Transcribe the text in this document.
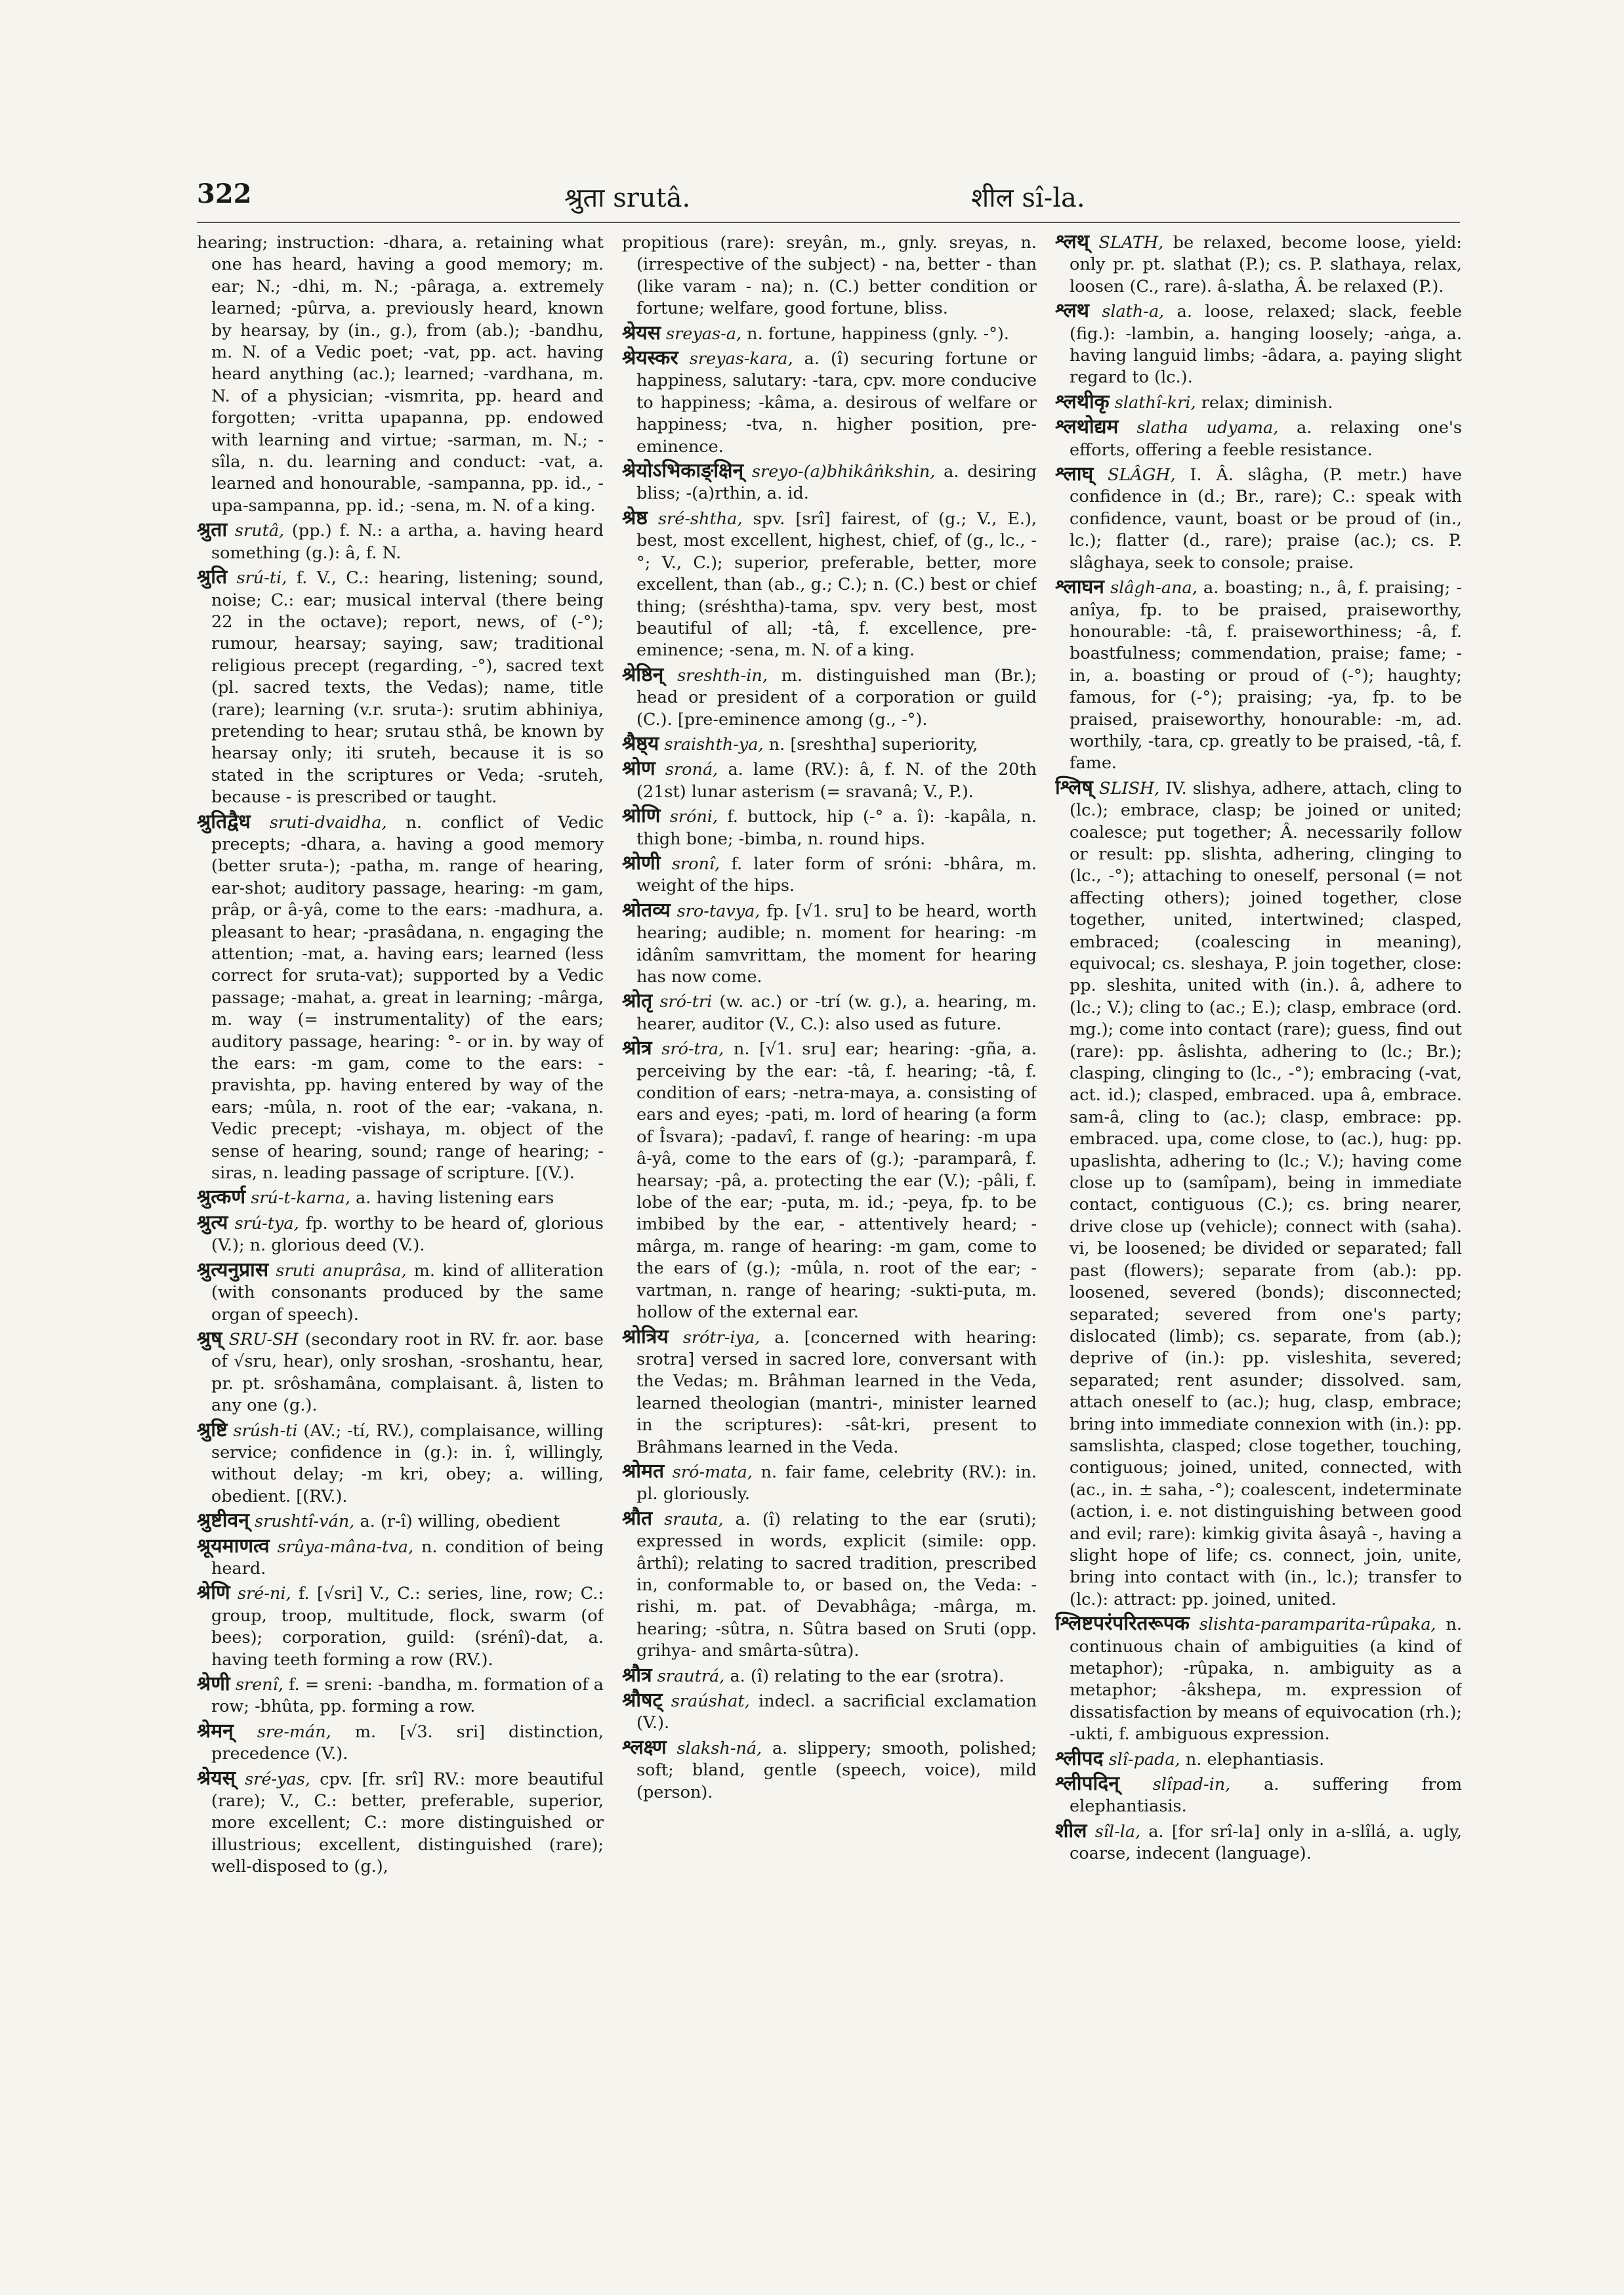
322	श्रुता srutâ.	शील sî-la.

hearing; instruction: -dhara, a. retaining what one has heard, having a good memory; m. ear; N.; -dhi, m. N.; -pâraga, a. extremely learned; -pûrva, a. previously heard, known by hearsay, by (in., g.), from (ab.); -bandhu, m. N. of a Vedic poet; -vat, pp. act. having heard anything (ac.); learned; -vardhana, m. N. of a physician; -vismrita, pp. heard and forgotten; -vritta upapanna, pp. endowed with learning and virtue; -sarman, m. N.; -sîla, n. du. learning and conduct: -vat, a. learned and honourable, -sampanna, pp. id., -upa-sampanna, pp. id.; -sena, m. N. of a king.

श्रुता srutâ, (pp.) f. N.: a artha, a. having heard something (g.): â, f. N.

श्रुति srú-ti, f. V., C.: hearing, listening; sound, noise; C.: ear; musical interval (there being 22 in the octave); report, news, of (-°); rumour, hearsay; saying, saw; traditional religious precept (regarding, -°), sacred text (pl. sacred texts, the Vedas); name, title (rare); learning (v.r. sruta-): srutim abhiniya, pretending to hear; srutau sthâ, be known by hearsay only; iti sruteh, because it is so stated in the scriptures or Veda; -sruteh, because - is prescribed or taught.

श्रुतिद्वैध sruti-dvaidha, n. conflict of Vedic precepts; -dhara, a. having a good memory (better sruta-); -patha, m. range of hearing, ear-shot; auditory passage, hearing: -m gam, prâp, or â-yâ, come to the ears: -madhura, a. pleasant to hear; -prasâdana, n. engaging the attention; -mat, a. having ears; learned (less correct for sruta-vat); supported by a Vedic passage; -mahat, a. great in learning; -mârga, m. way (= instrumentality) of the ears; auditory passage, hearing: °- or in. by way of the ears: -m gam, come to the ears: -pravishta, pp. having entered by way of the ears; -mûla, n. root of the ear; -vakana, n. Vedic precept; -vishaya, m. object of the sense of hearing, sound; range of hearing; -siras, n. leading passage of scripture. [(V.).

श्रुत्कर्ण srú-t-karna, a. having listening ears

श्रुत्य srú-tya, fp. worthy to be heard of, glorious (V.); n. glorious deed (V.).

श्रुत्यनुप्रास sruti anuprâsa, m. kind of alliteration (with consonants produced by the same organ of speech).

श्रुष् SRU-SH (secondary root in RV. fr. aor. base of √sru, hear), only sroshan, -sroshantu, hear, pr. pt. srôshamâna, complaisant. â, listen to any one (g.).

श्रुष्टि srúsh-ti (AV.; -tí, RV.), complaisance, willing service; confidence in (g.): in. î, willingly, without delay; -m kri, obey; a. willing, obedient. [(RV.).

श्रुष्टीवन् srushtî-ván, a. (r-î) willing, obedient

श्रूयमाणत्व srûya-mâna-tva, n. condition of being heard.

श्रेणि sré-ni, f. [√sri] V., C.: series, line, row; C.: group, troop, multitude, flock, swarm (of bees); corporation, guild: (srénî)-dat, a. having teeth forming a row (RV.).

श्रेणी srenî, f. = sreni: -bandha, m. formation of a row; -bhûta, pp. forming a row.

श्रेमन् sre-mán, m. [√3. sri] distinction, precedence (V.).

श्रेयस् sré-yas, cpv. [fr. srî] RV.: more beautiful (rare); V., C.: better, preferable, superior, more excellent; C.: more distinguished or illustrious; excellent, distinguished (rare); well-disposed to (g.),

propitious (rare): sreyân, m., gnly. sreyas, n. (irrespective of the subject) - na, better - than (like varam - na); n. (C.) better condition or fortune; welfare, good fortune, bliss.

श्रेयस sreyas-a, n. fortune, happiness (gnly. -°).

श्रेयस्कर sreyas-kara, a. (î) securing fortune or happiness, salutary: -tara, cpv. more conducive to happiness; -kâma, a. desirous of welfare or happiness; -tva, n. higher position, pre-eminence.

श्रेयोऽभिकाङ्क्षिन् sreyo-(a)bhikâṅkshin, a. desiring bliss; -(a)rthin, a. id.

श्रेष्ठ sré-shtha, spv. [srî] fairest, of (g.; V., E.), best, most excellent, highest, chief, of (g., lc., -°; V., C.); superior, preferable, better, more excellent, than (ab., g.; C.); n. (C.) best or chief thing; (sréshtha)-tama, spv. very best, most beautiful of all; -tâ, f. excellence, pre-eminence; -sena, m. N. of a king.

श्रेष्ठिन् sreshth-in, m. distinguished man (Br.); head or president of a corporation or guild (C.). [pre-eminence among (g., -°).

श्रैष्ठ्य sraishth-ya, n. [sreshtha] superiority,

श्रोण sroná, a. lame (RV.): â, f. N. of the 20th (21st) lunar asterism (= sravanâ; V., P.).

श्रोणि sróni, f. buttock, hip (-° a. î): -kapâla, n. thigh bone; -bimba, n. round hips.

श्रोणी sronî, f. later form of sróni: -bhâra, m. weight of the hips.

श्रोतव्य sro-tavya, fp. [√1. sru] to be heard, worth hearing; audible; n. moment for hearing: -m idânîm samvrittam, the moment for hearing has now come.

श्रोतृ sró-tri (w. ac.) or -trí (w. g.), a. hearing, m. hearer, auditor (V., C.): also used as future.

श्रोत्र sró-tra, n. [√1. sru] ear; hearing: -gña, a. perceiving by the ear: -tâ, f. hearing; -tâ, f. condition of ears; -netra-maya, a. consisting of ears and eyes; -pati, m. lord of hearing (a form of Îsvara); -padavî, f. range of hearing: -m upa â-yâ, come to the ears of (g.); -paramparâ, f. hearsay; -pâ, a. protecting the ear (V.); -pâli, f. lobe of the ear; -puta, m. id.; -peya, fp. to be imbibed by the ear, - attentively heard; -mârga, m. range of hearing: -m gam, come to the ears of (g.); -mûla, n. root of the ear; -vartman, n. range of hearing; -sukti-puta, m. hollow of the external ear.

श्रोत्रिय srótr-iya, a. [concerned with hearing: srotra] versed in sacred lore, conversant with the Vedas; m. Brâhman learned in the Veda, learned theologian (mantri-, minister learned in the scriptures): -sât-kri, present to Brâhmans learned in the Veda.

श्रोमत sró-mata, n. fair fame, celebrity (RV.): in. pl. gloriously.

श्रौत srauta, a. (î) relating to the ear (sruti); expressed in words, explicit (simile: opp. ârthî); relating to sacred tradition, prescribed in, conformable to, or based on, the Veda: -rishi, m. pat. of Devabhâga; -mârga, m. hearing; -sûtra, n. Sûtra based on Sruti (opp. grihya- and smârta-sûtra).

श्रौत्र srautrá, a. (î) relating to the ear (srotra).

श्रौषट् sraúshat, indecl. a sacrificial exclamation (V.).

श्लक्ष्ण slaksh-ná, a. slippery; smooth, polished; soft; bland, gentle (speech, voice), mild (person).

श्लथ् SLATH, be relaxed, become loose, yield: only pr. pt. slathat (P.); cs. P. slathaya, relax, loosen (C., rare). â-slatha, Â. be relaxed (P.).

श्लथ slath-a, a. loose, relaxed; slack, feeble (fig.): -lambin, a. hanging loosely; -aṅga, a. having languid limbs; -âdara, a. paying slight regard to (lc.).

श्लथीकृ slathî-kri, relax; diminish.

श्लथोद्यम slatha udyama, a. relaxing one's efforts, offering a feeble resistance.

श्लाघ् SLÂGH, I. Â. slâgha, (P. metr.) have confidence in (d.; Br., rare); C.: speak with confidence, vaunt, boast or be proud of (in., lc.); flatter (d., rare); praise (ac.); cs. P. slâghaya, seek to console; praise.

श्लाघन slâgh-ana, a. boasting; n., â, f. praising; -anîya, fp. to be praised, praiseworthy, honourable: -tâ, f. praiseworthiness; -â, f. boastfulness; commendation, praise; fame; -in, a. boasting or proud of (-°); haughty; famous, for (-°); praising; -ya, fp. to be praised, praiseworthy, honourable: -m, ad. worthily, -tara, cp. greatly to be praised, -tâ, f. fame.

श्लिष् SLISH, IV. slishya, adhere, attach, cling to (lc.); embrace, clasp; be joined or united; coalesce; put together; Â. necessarily follow or result: pp. slishta, adhering, clinging to (lc., -°); attaching to oneself, personal (= not affecting others); joined together, close together, united, intertwined; clasped, embraced; (coalescing in meaning), equivocal; cs. sleshaya, P. join together, close: pp. sleshita, united with (in.). â, adhere to (lc.; V.); cling to (ac.; E.); clasp, embrace (ord. mg.); come into contact (rare); guess, find out (rare): pp. âslishta, adhering to (lc.; Br.); clasping, clinging to (lc., -°); embracing (-vat, act. id.); clasped, embraced. upa â, embrace. sam-â, cling to (ac.); clasp, embrace: pp. embraced. upa, come close, to (ac.), hug: pp. upaslishta, adhering to (lc.; V.); having come close up to (samîpam), being in immediate contact, contiguous (C.); cs. bring nearer, drive close up (vehicle); connect with (saha). vi, be loosened; be divided or separated; fall past (flowers); separate from (ab.): pp. loosened, severed (bonds); disconnected; separated; severed from one's party; dislocated (limb); cs. separate, from (ab.); deprive of (in.): pp. visleshita, severed; separated; rent asunder; dissolved. sam, attach oneself to (ac.); hug, clasp, embrace; bring into immediate connexion with (in.): pp. samslishta, clasped; close together, touching, contiguous; joined, united, connected, with (ac., in. ± saha, -°); coalescent, indeterminate (action, i. e. not distinguishing between good and evil; rare): kimkig givita âsayâ -, having a slight hope of life; cs. connect, join, unite, bring into contact with (in., lc.); transfer to (lc.): attract: pp. joined, united.

श्लिष्टपरंपरितरूपक slishta-paramparita-rûpaka, n. continuous chain of ambiguities (a kind of metaphor); -rûpaka, n. ambiguity as a metaphor; -âkshepa, m. expression of dissatisfaction by means of equivocation (rh.); -ukti, f. ambiguous expression.

श्लीपद slî-pada, n. elephantiasis.

श्लीपदिन् slîpad-in, a. suffering from elephantiasis.

शील sîl-la, a. [for srî-la] only in a-slîlá, a. ugly, coarse, indecent (language).
